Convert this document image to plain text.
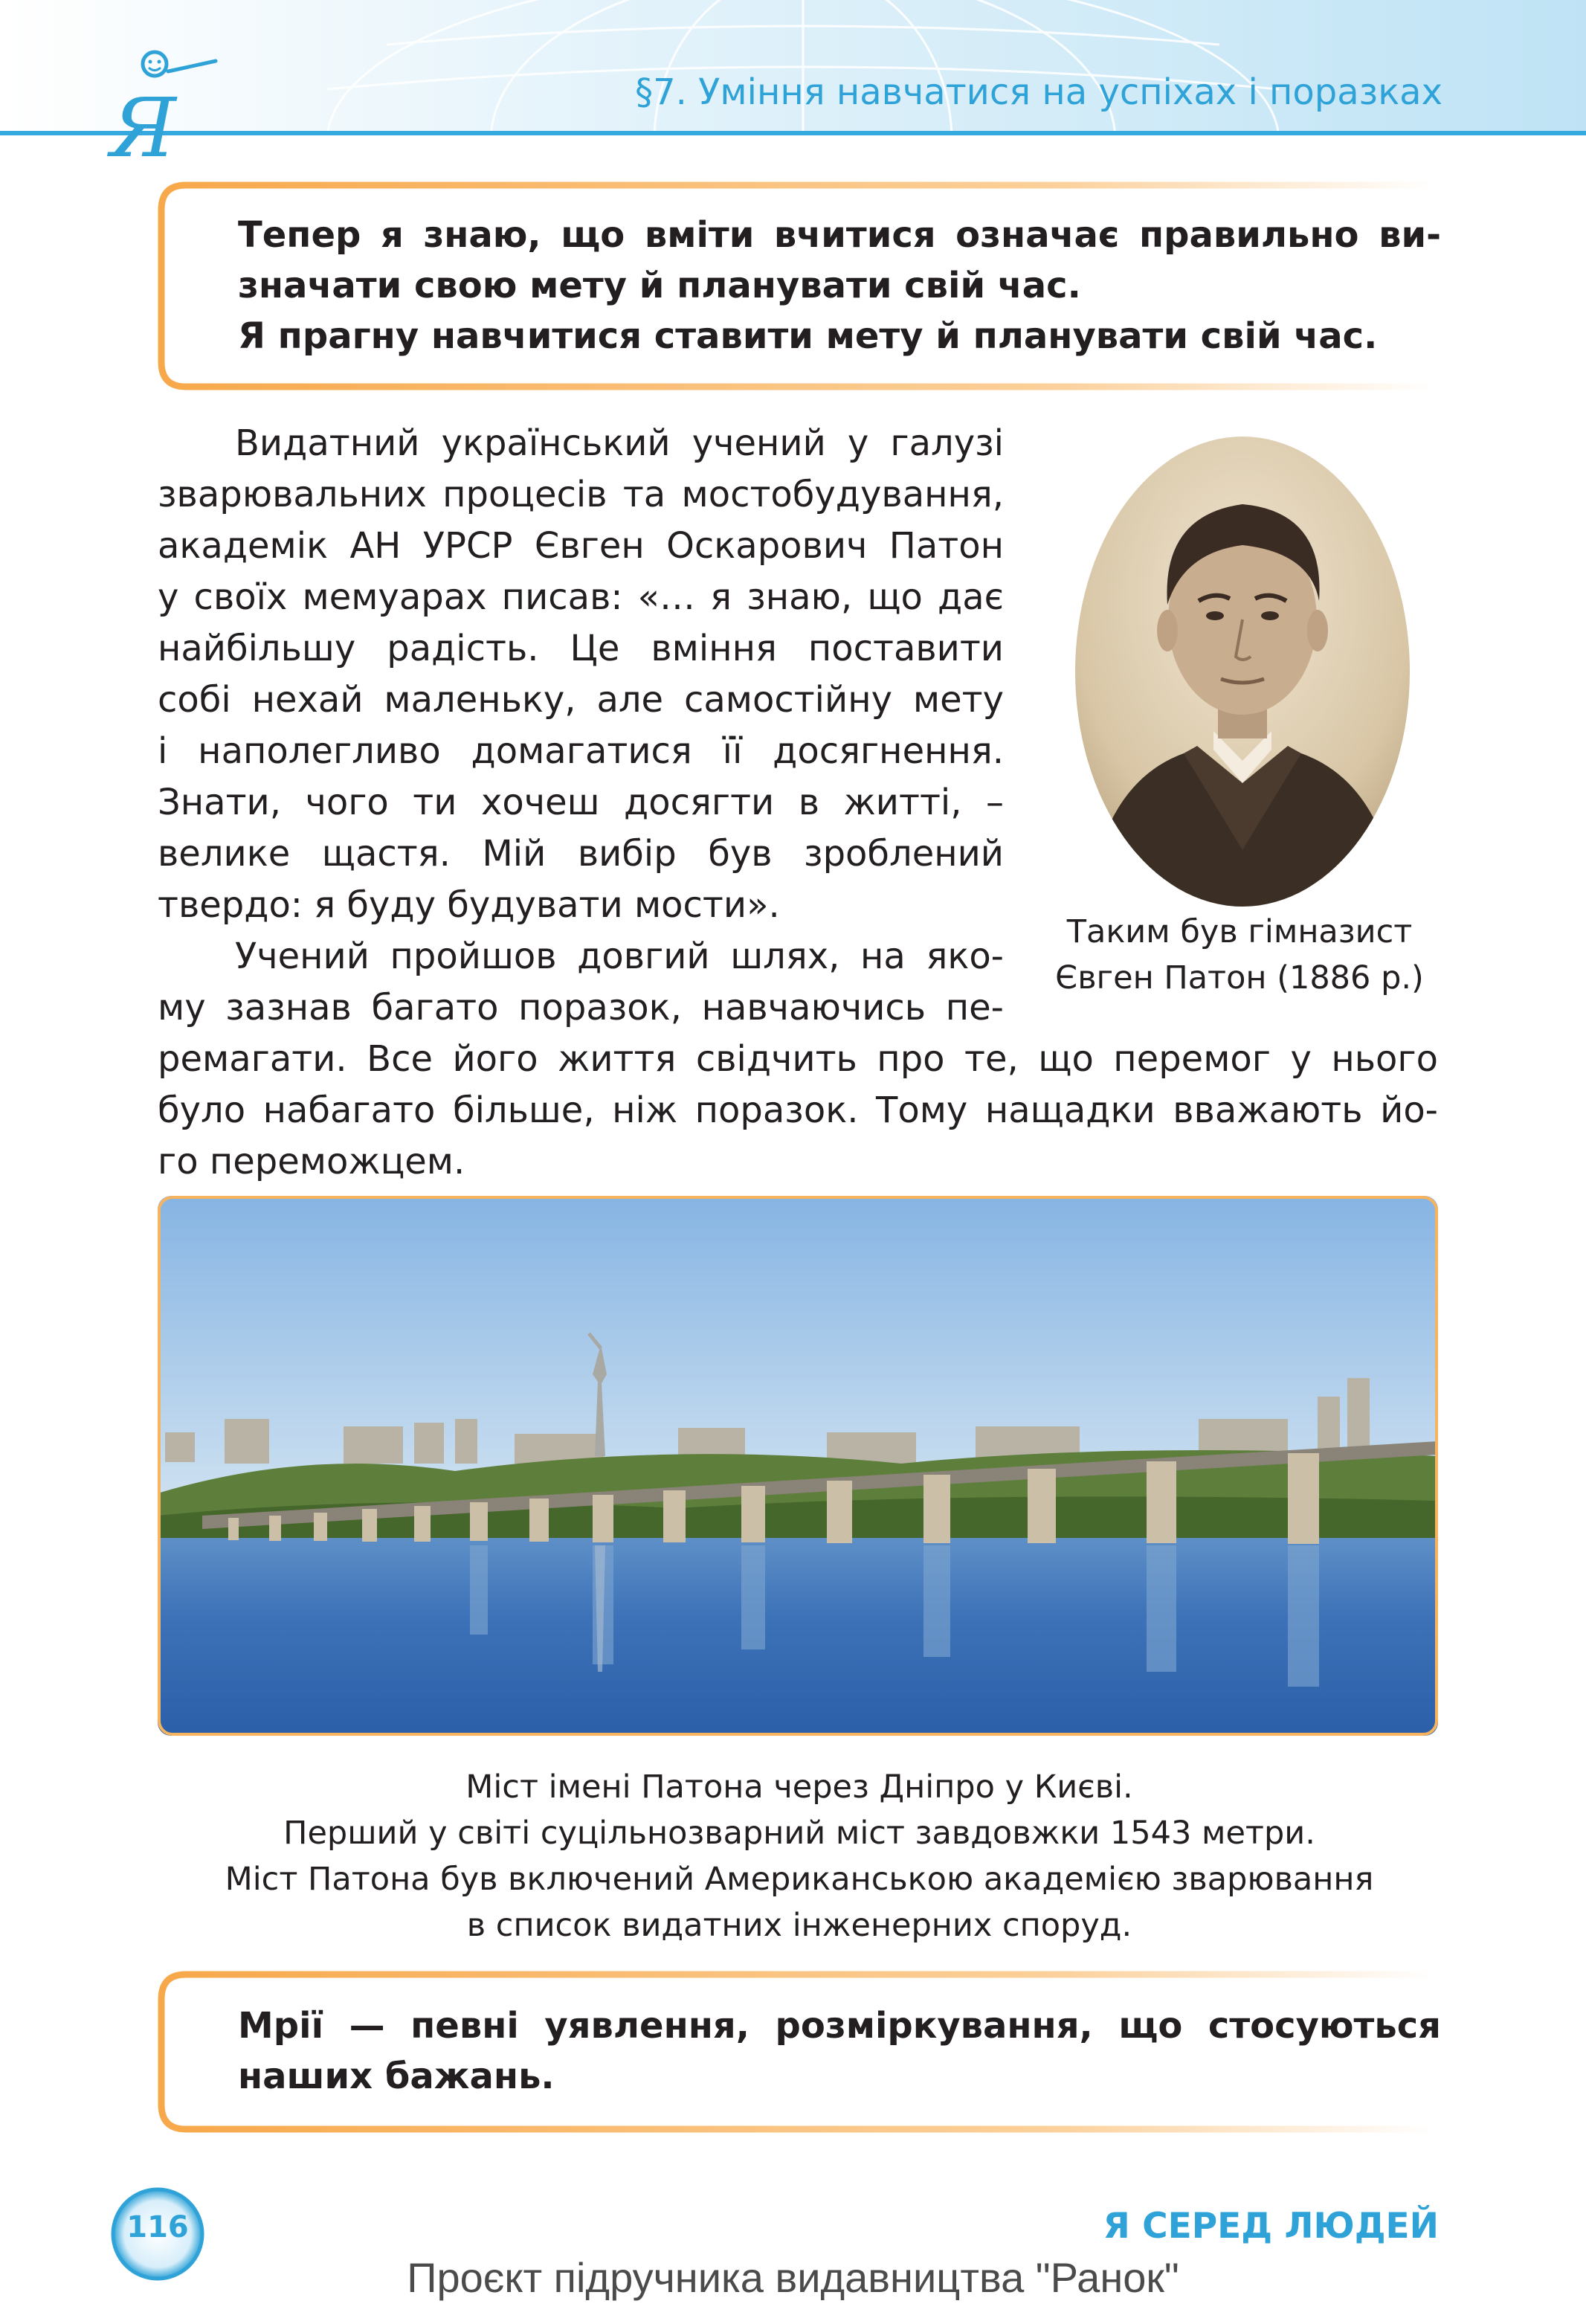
§7. Уміння навчатися на успіхах і поразках
Я
Тепер я знаю, що вміти вчитися означає правильно ви-
значати свою мету й планувати свій час.
Я прагну навчитися ставити мету й планувати свій час.
Видатний український учений у галузі
зварювальних процесів та мостобудування,
академік АН УРСР Євген Оскарович Патон
у своїх мемуарах писав: «… я знаю, що дає
найбільшу радість. Це вміння поставити
собі нехай маленьку, але самостійну мету
і наполегливо домагатися її досягнення.
Знати, чого ти хочеш досягти в житті, –
велике щастя. Мій вибір був зроблений
твердо: я буду будувати мости».
Учений пройшов довгий шлях, на яко-
му зазнав багато поразок, навчаючись пе-
ремагати. Все його життя свідчить про те, що перемог у нього
було набагато більше, ніж поразок. Тому нащадки вважають йо-
го переможцем.
Таким був гімназист
Євген Патон (1886 р.)
Міст імені Патона через Дніпро у Києві.
Перший у світі суцільнозварний міст завдовжки 1543 метри.
Міст Патона був включений Американською академією зварювання
в список видатних інженерних споруд.
Мрії — певні уявлення, розміркування, що стосуються
наших бажань.
116	Я СЕРЕД ЛЮДЕЙ
Проєкт підручника видавництва "Ранок"
